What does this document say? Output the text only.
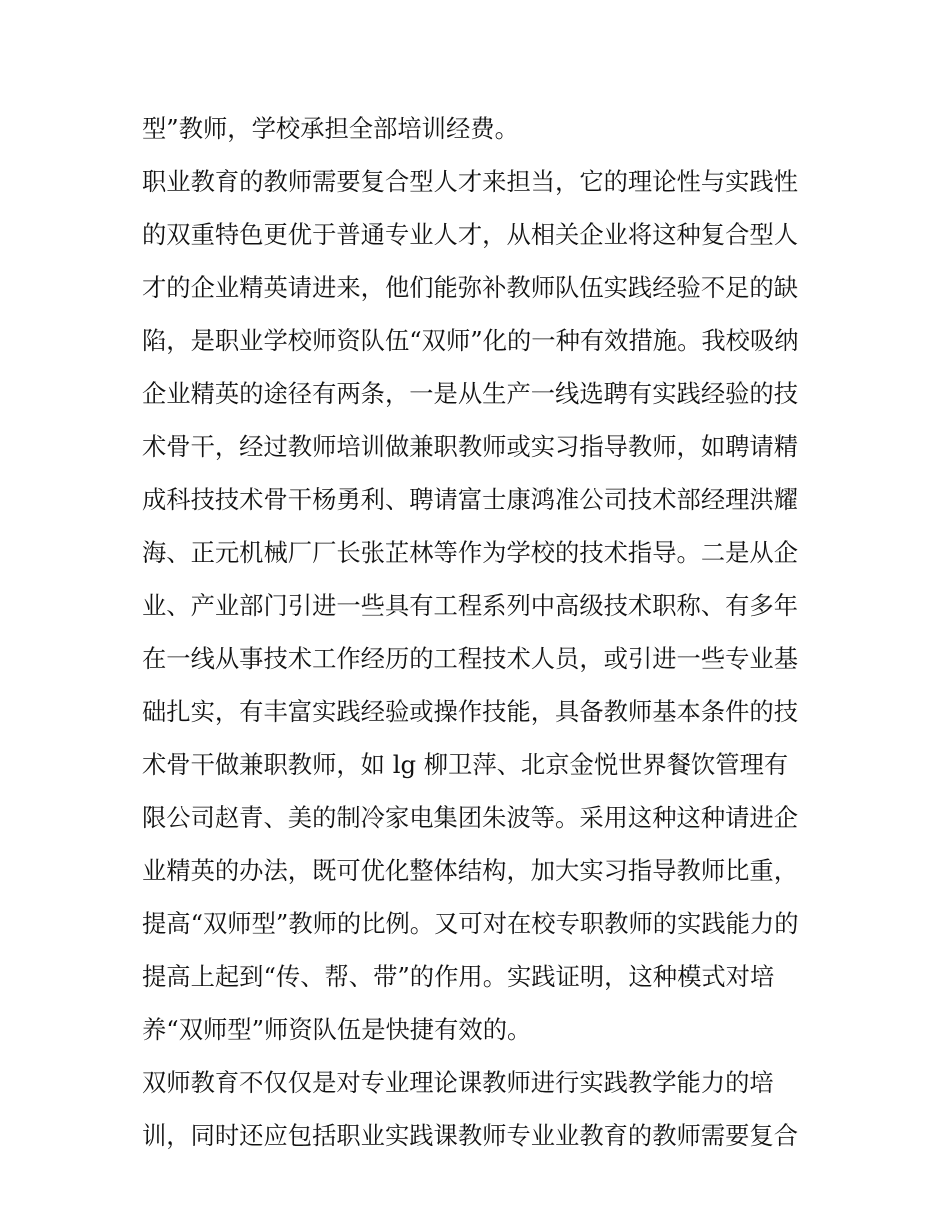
型”教师，学校承担全部培训经费。

职业教育的教师需要复合型人才来担当，它的理论性与实践性

的双重特色更优于普通专业人才，从相关企业将这种复合型人

才的企业精英请进来，他们能弥补教师队伍实践经验不足的缺

陷，是职业学校师资队伍“双师”化的一种有效措施。我校吸纳

企业精英的途径有两条，一是从生产一线选聘有实践经验的技

术骨干，经过教师培训做兼职教师或实习指导教师，如聘请精

成科技技术骨干杨勇利、聘请富士康鸿准公司技术部经理洪耀

海、正元机械厂厂长张芷林等作为学校的技术指导。二是从企

业、产业部门引进一些具有工程系列中高级技术职称、有多年

在一线从事技术工作经历的工程技术人员，或引进一些专业基

础扎实，有丰富实践经验或操作技能，具备教师基本条件的技

术骨干做兼职教师，如 lg 柳卫萍、北京金悦世界餐饮管理有

限公司赵青、美的制冷家电集团朱波等。采用这种这种请进企

业精英的办法，既可优化整体结构，加大实习指导教师比重，

提高“双师型”教师的比例。又可对在校专职教师的实践能力的

提高上起到“传、帮、带”的作用。实践证明，这种模式对培

养“双师型”师资队伍是快捷有效的。

双师教育不仅仅是对专业理论课教师进行实践教学能力的培

训，同时还应包括职业实践课教师专业业教育的教师需要复合
